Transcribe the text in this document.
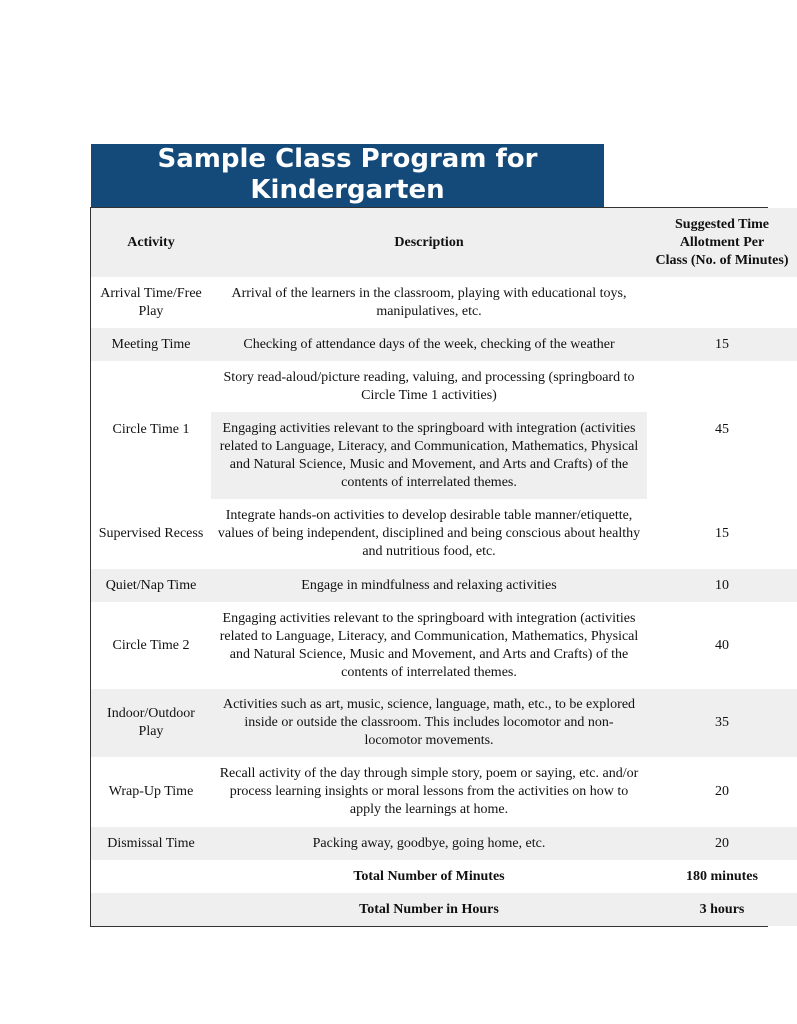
Sample Class Program for
Kindergarten
Activity	Description	Suggested Time
Allotment Per
Class (No. of Minutes)

Arrival Time/Free Play	Arrival of the learners in the classroom, playing with educational toys, manipulatives, etc.	
Meeting Time	Checking of attendance days of the week, checking of the weather	15
Circle Time 1	Story read-aloud/picture reading, valuing, and processing (springboard to Circle Time 1 activities)	45
	Engaging activities relevant to the springboard with integration (activities related to Language, Literacy, and Communication, Mathematics, Physical and Natural Science, Music and Movement, and Arts and Crafts) of the contents of interrelated themes.	
Supervised Recess	Integrate hands-on activities to develop desirable table manner/etiquette, values of being independent, disciplined and being conscious about healthy and nutritious food, etc.	15
Quiet/Nap Time	Engage in mindfulness and relaxing activities	10
Circle Time 2	Engaging activities relevant to the springboard with integration (activities related to Language, Literacy, and Communication, Mathematics, Physical and Natural Science, Music and Movement, and Arts and Crafts) of the contents of interrelated themes.	40
Indoor/Outdoor Play	Activities such as art, music, science, language, math, etc., to be explored inside or outside the classroom. This includes locomotor and non-locomotor movements.	35
Wrap-Up Time	Recall activity of the day through simple story, poem or saying, etc. and/or process learning insights or moral lessons from the activities on how to apply the learnings at home.	20
Dismissal Time	Packing away, goodbye, going home, etc.	20
	Total Number of Minutes	180 minutes
	Total Number in Hours	3 hours
